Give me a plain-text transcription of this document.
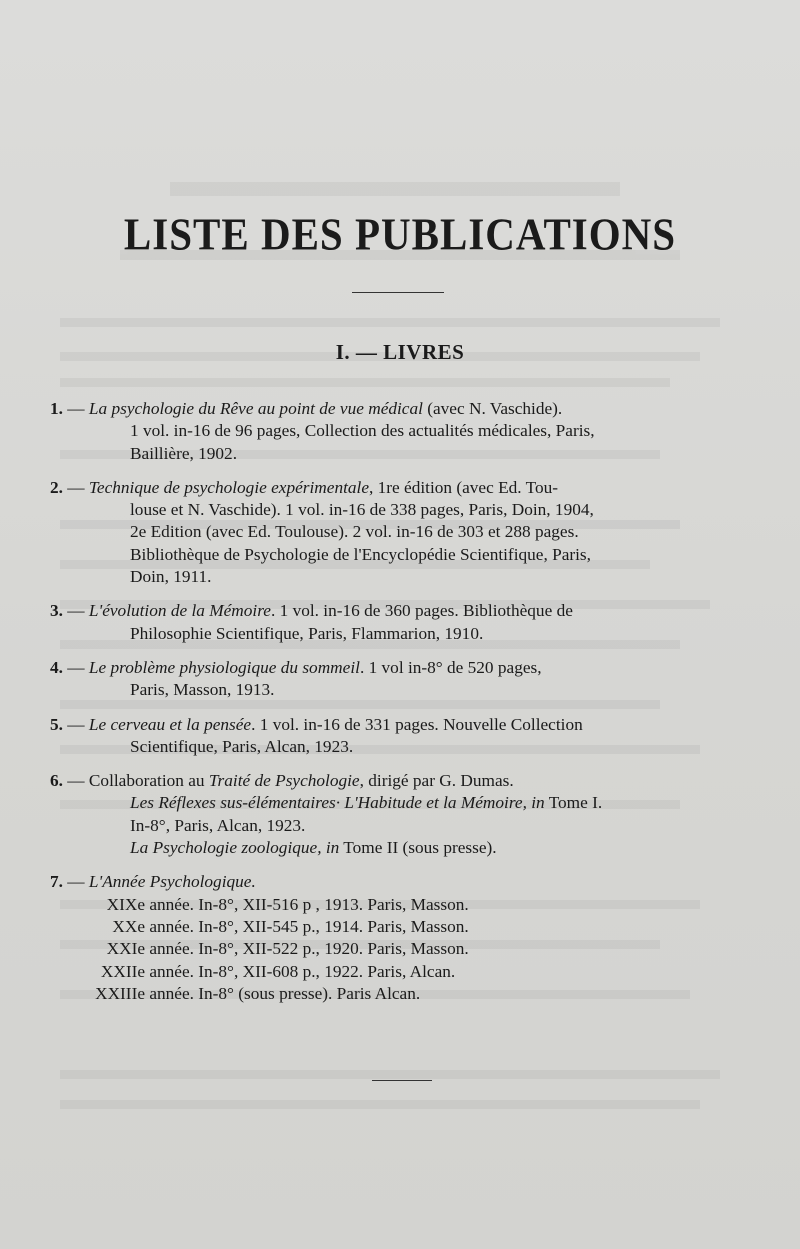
LISTE DES PUBLICATIONS
I. — LIVRES
1. — La psychologie du Rêve au point de vue médical (avec N. Vaschide).
1 vol. in-16 de 96 pages, Collection des actualités médicales, Paris,
Baillière, 1902.
2. — Technique de psychologie expérimentale, 1re édition (avec Ed. Tou-
louse et N. Vaschide). 1 vol. in-16 de 338 pages, Paris, Doin, 1904,
2e Edition (avec Ed. Toulouse). 2 vol. in-16 de 303 et 288 pages.
Bibliothèque de Psychologie de l'Encyclopédie Scientifique, Paris,
Doin, 1911.
3. — L'évolution de la Mémoire. 1 vol. in-16 de 360 pages. Bibliothèque de
Philosophie Scientifique, Paris, Flammarion, 1910.
4. — Le problème physiologique du sommeil. 1 vol in-8° de 520 pages,
Paris, Masson, 1913.
5. — Le cerveau et la pensée. 1 vol. in-16 de 331 pages. Nouvelle Collection
Scientifique, Paris, Alcan, 1923.
6. — Collaboration au Traité de Psychologie, dirigé par G. Dumas.
Les Réflexes sus-élémentaires· L'Habitude et la Mémoire, in Tome I.
In-8°, Paris, Alcan, 1923.
La Psychologie zoologique, in Tome II (sous presse).
7. — L'Année Psychologique.
XIXe année. In-8°, XII-516 p , 1913. Paris, Masson.
XXe année. In-8°, XII-545 p., 1914. Paris, Masson.
XXIe année. In-8°, XII-522 p., 1920. Paris, Masson.
XXIIe année. In-8°, XII-608 p., 1922. Paris, Alcan.
XXIIIe année. In-8° (sous presse). Paris Alcan.
